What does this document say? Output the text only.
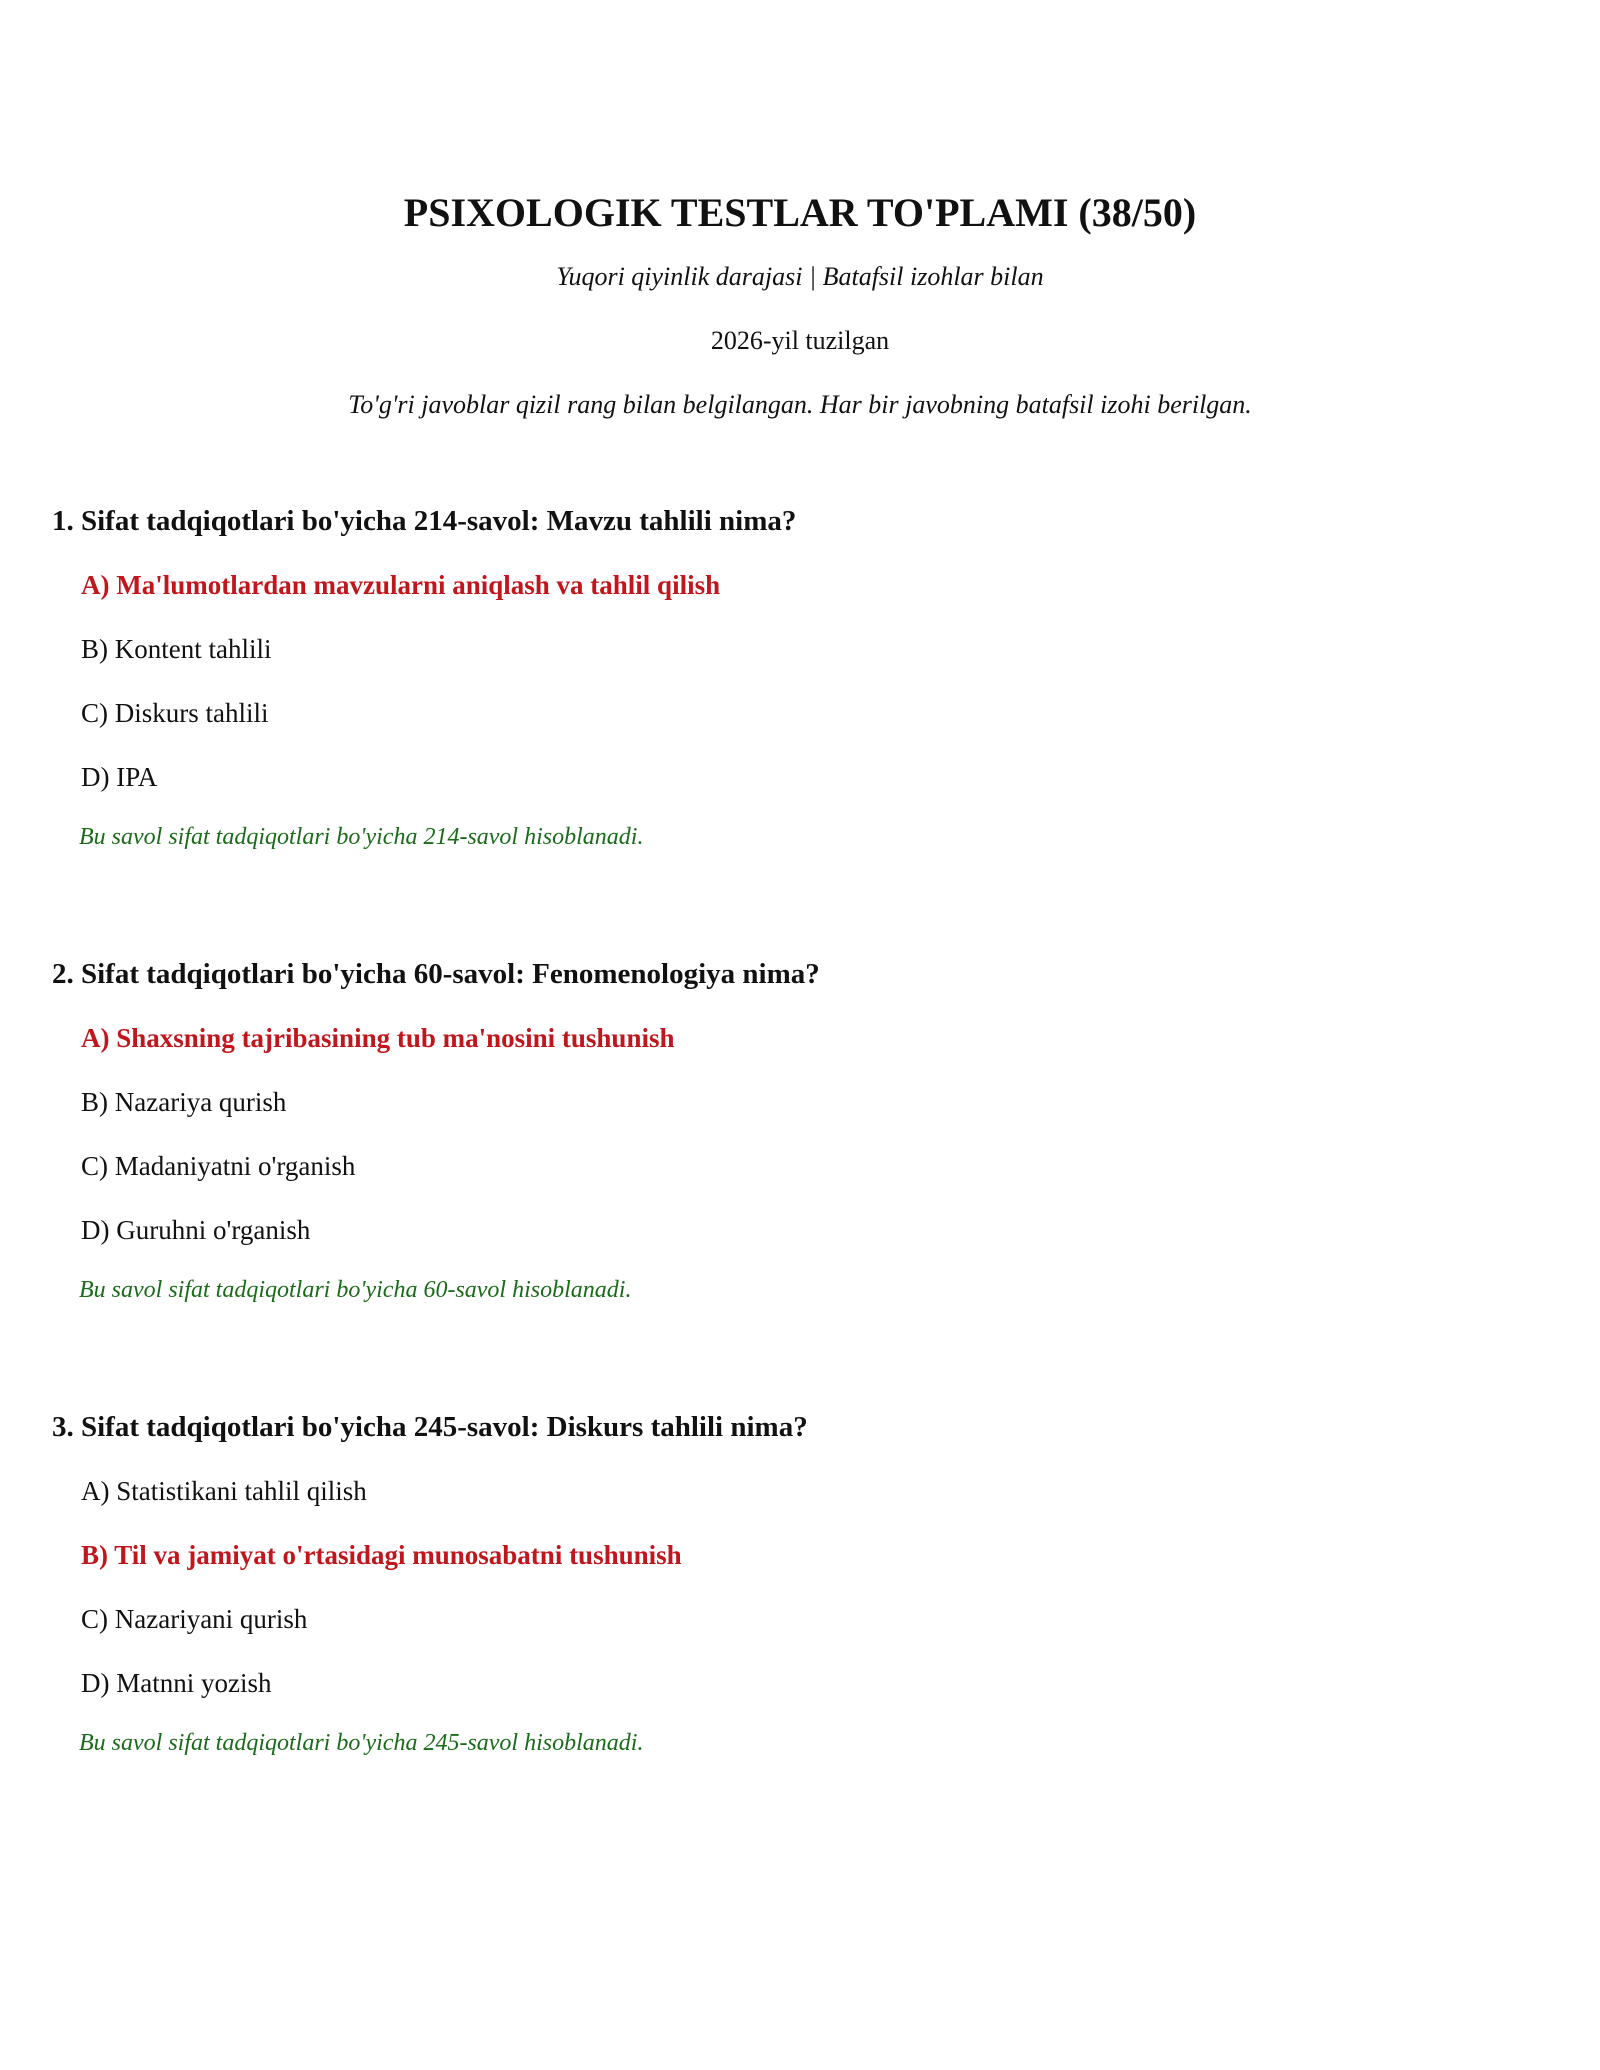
PSIXOLOGIK TESTLAR TO'PLAMI (38/50)

Yuqori qiyinlik darajasi | Batafsil izohlar bilan

2026-yil tuzilgan

To'g'ri javoblar qizil rang bilan belgilangan. Har bir javobning batafsil izohi berilgan.

1. Sifat tadqiqotlari bo'yicha 214-savol: Mavzu tahlili nima?

A) Ma'lumotlardan mavzularni aniqlash va tahlil qilish

B) Kontent tahlili

C) Diskurs tahlili

D) IPA

Bu savol sifat tadqiqotlari bo'yicha 214-savol hisoblanadi.

2. Sifat tadqiqotlari bo'yicha 60-savol: Fenomenologiya nima?

A) Shaxsning tajribasining tub ma'nosini tushunish

B) Nazariya qurish

C) Madaniyatni o'rganish

D) Guruhni o'rganish

Bu savol sifat tadqiqotlari bo'yicha 60-savol hisoblanadi.

3. Sifat tadqiqotlari bo'yicha 245-savol: Diskurs tahlili nima?

A) Statistikani tahlil qilish

B) Til va jamiyat o'rtasidagi munosabatni tushunish

C) Nazariyani qurish

D) Matnni yozish

Bu savol sifat tadqiqotlari bo'yicha 245-savol hisoblanadi.
